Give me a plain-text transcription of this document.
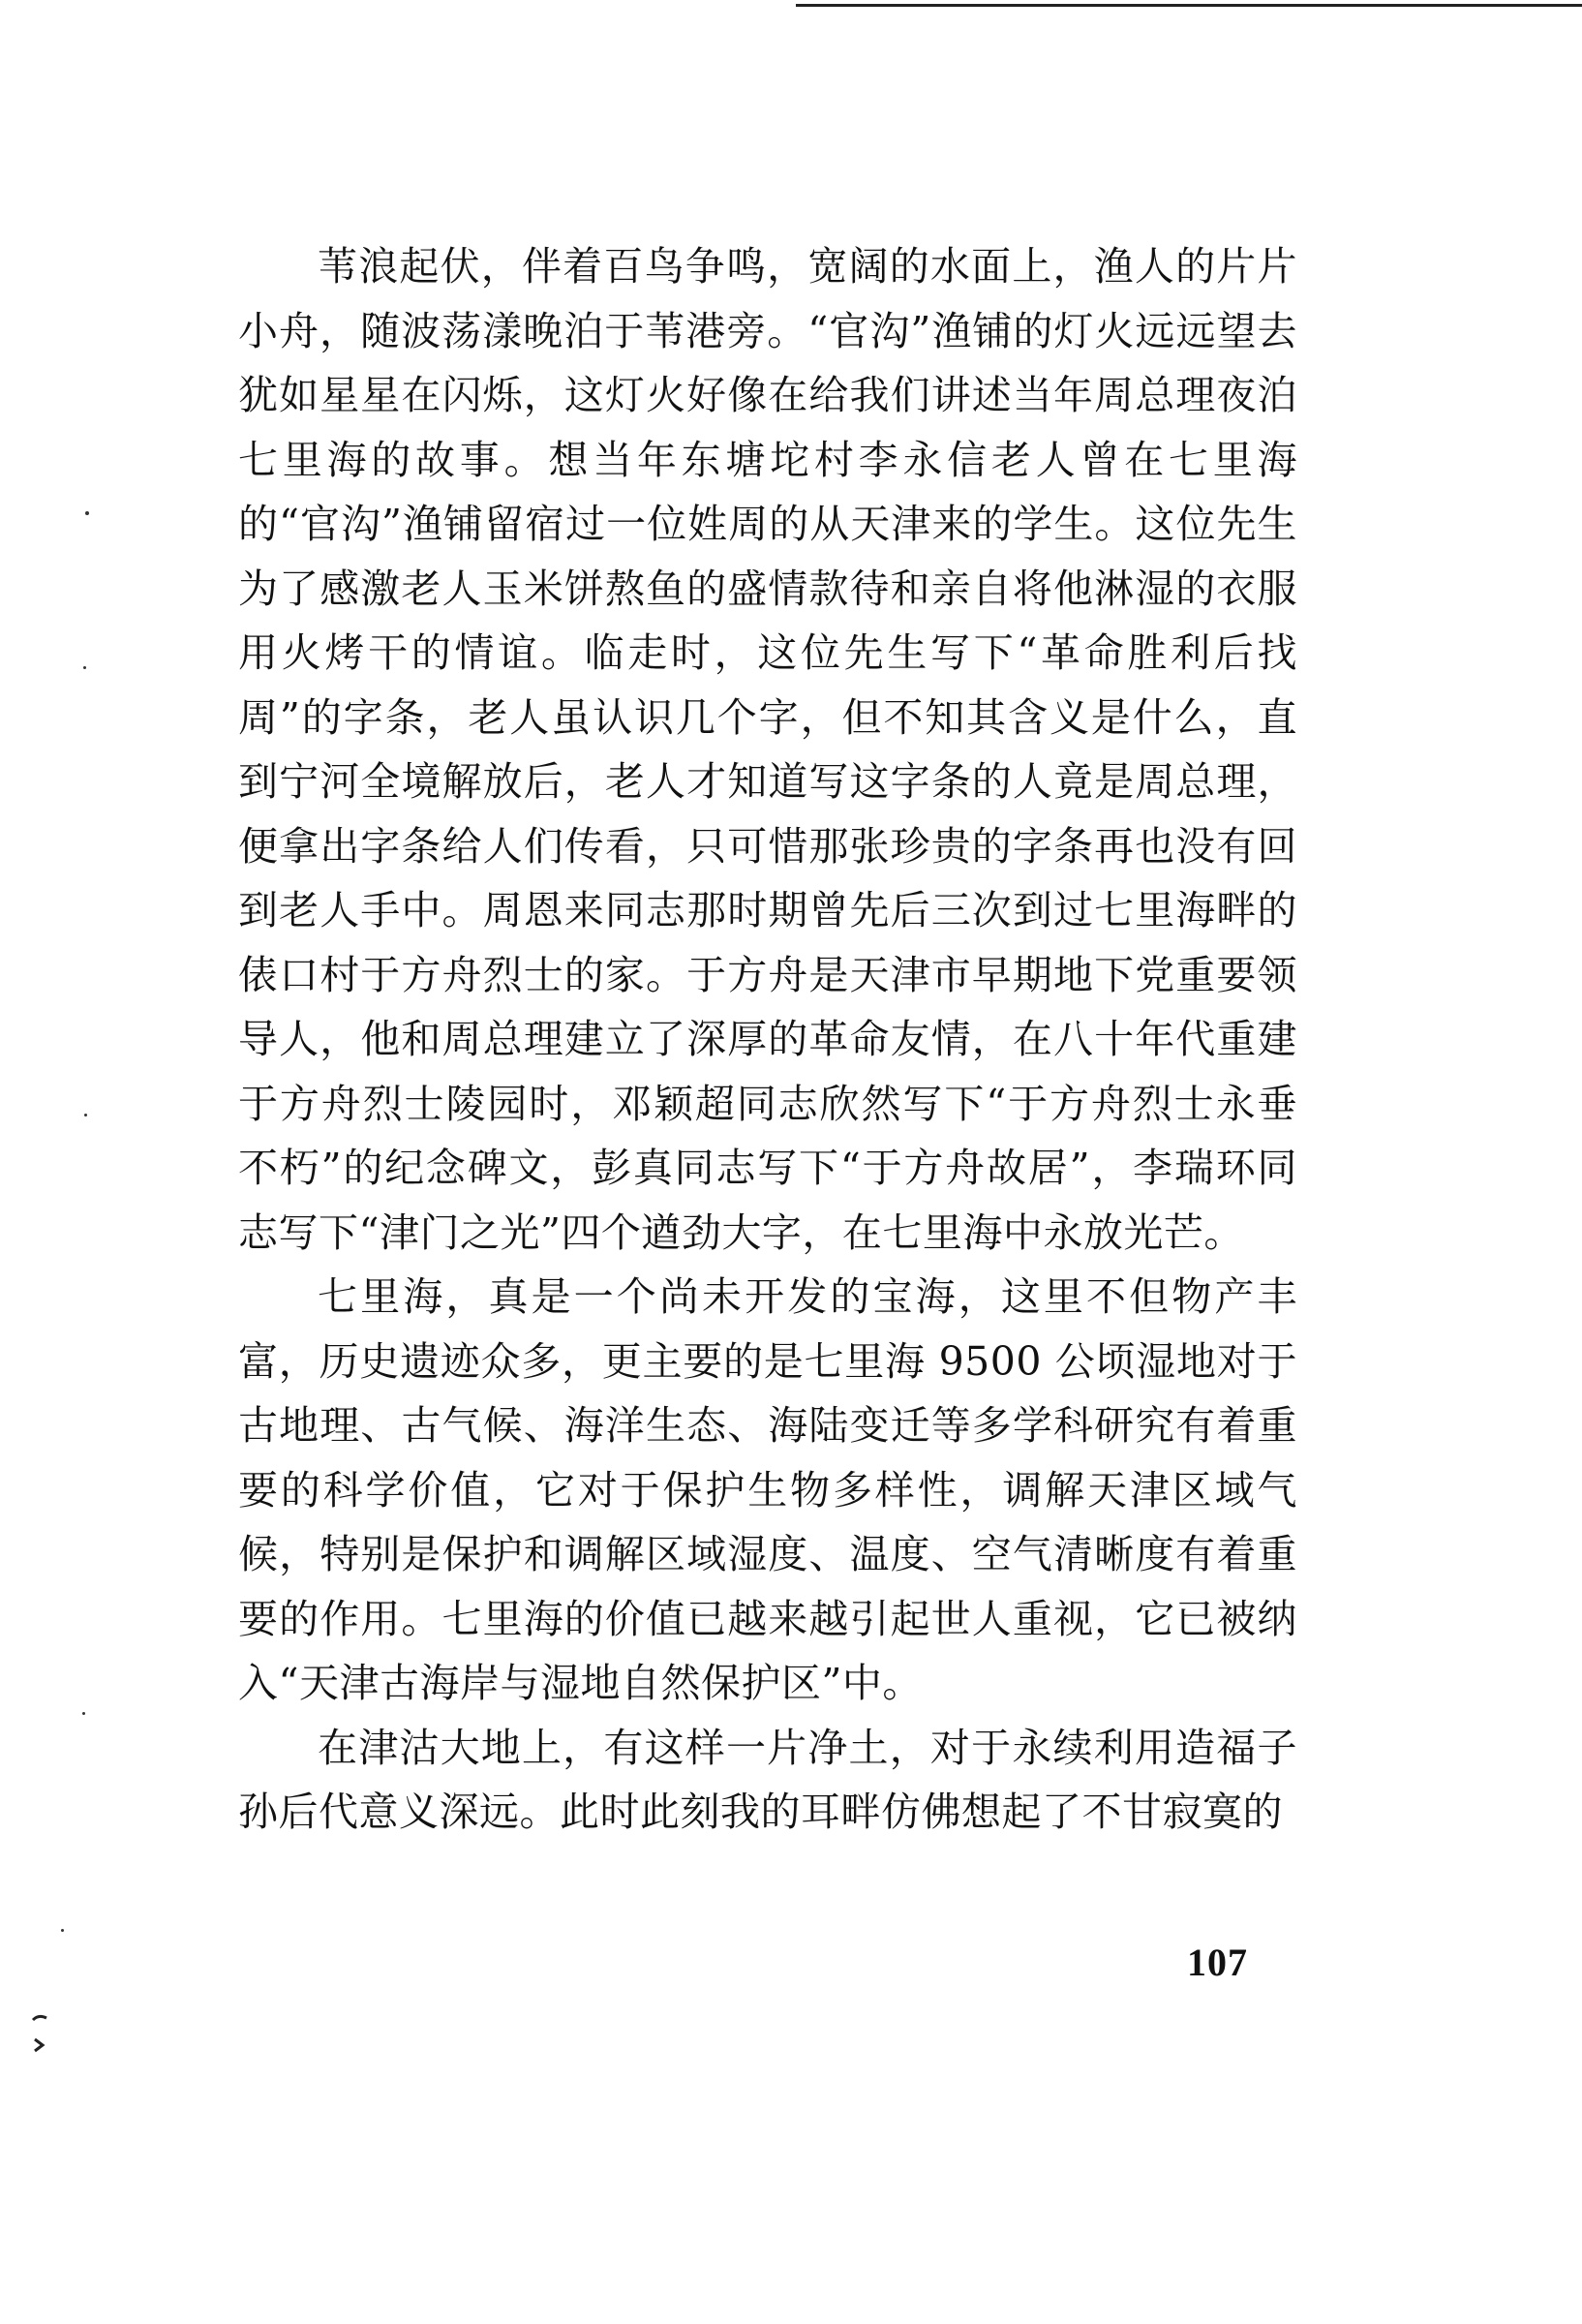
苇浪起伏，伴着百鸟争鸣，宽阔的水面上，渔人的片片小舟，随波荡漾晚泊于苇港旁。“官沟”渔铺的灯火远远望去犹如星星在闪烁，这灯火好像在给我们讲述当年周总理夜泊七里海的故事。想当年东塘坨村李永信老人曾在七里海的“官沟”渔铺留宿过一位姓周的从天津来的学生。这位先生为了感激老人玉米饼熬鱼的盛情款待和亲自将他淋湿的衣服用火烤干的情谊。临走时，这位先生写下“革命胜利后找周”的字条，老人虽认识几个字，但不知其含义是什么，直到宁河全境解放后，老人才知道写这字条的人竟是周总理，便拿出字条给人们传看，只可惜那张珍贵的字条再也没有回到老人手中。周恩来同志那时期曾先后三次到过七里海畔的俵口村于方舟烈士的家。于方舟是天津市早期地下党重要领导人，他和周总理建立了深厚的革命友情，在八十年代重建于方舟烈士陵园时，邓颖超同志欣然写下“于方舟烈士永垂不朽”的纪念碑文，彭真同志写下“于方舟故居”，李瑞环同志写下“津门之光”四个遒劲大字，在七里海中永放光芒。

七里海，真是一个尚未开发的宝海，这里不但物产丰富，历史遗迹众多，更主要的是七里海 9500 公顷湿地对于古地理、古气候、海洋生态、海陆变迁等多学科研究有着重要的科学价值，它对于保护生物多样性，调解天津区域气候，特别是保护和调解区域湿度、温度、空气清晰度有着重要的作用。七里海的价值已越来越引起世人重视，它已被纳入“天津古海岸与湿地自然保护区”中。

在津沽大地上，有这样一片净土，对于永续利用造福子孙后代意义深远。此时此刻我的耳畔仿佛想起了不甘寂寞的

107
